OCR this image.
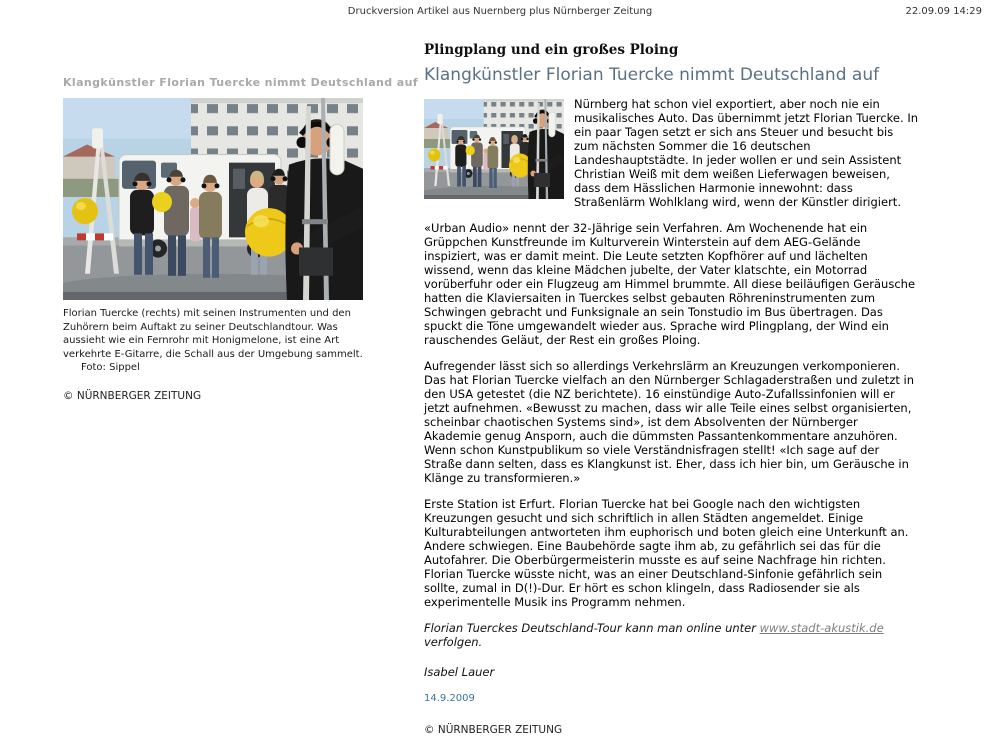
Druckversion Artikel aus Nuernberg plus Nürnberger Zeitung	22.09.09 14:29
Klangkünstler Florian Tuercke nimmt Deutschland auf
Florian Tuercke (rechts) mit seinen Instrumenten und den Zuhörern beim Auftakt zu seiner Deutschlandtour. Was aussieht wie ein Fernrohr mit Honigmelone, ist eine Art verkehrte E-Gitarre, die Schall aus der Umgebung sammelt.Foto: Sippel
© NÜRNBERGER ZEITUNG
Plingplang und ein großes Ploing
Klangkünstler Florian Tuercke nimmt Deutschland auf

Nürnberg hat schon viel exportiert, aber noch nie ein musikalisches Auto. Das übernimmt jetzt Florian Tuercke. In ein paar Tagen setzt er sich ans Steuer und besucht bis zum nächsten Sommer die 16 deutschen Landeshauptstädte. In jeder wollen er und sein Assistent Christian Weiß mit dem weißen Lieferwagen beweisen, dass dem Hässlichen Harmonie innewohnt: dass Straßenlärm Wohlklang wird, wenn der Künstler dirigiert.

«Urban Audio» nennt der 32-Jährige sein Verfahren. Am Wochenende hat ein Grüppchen Kunstfreunde im Kulturverein Winterstein auf dem AEG-Gelände inspiziert, was er damit meint. Die Leute setzten Kopfhörer auf und lächelten wissend, wenn das kleine Mädchen jubelte, der Vater klatschte, ein Motorrad vorüberfuhr oder ein Flugzeug am Himmel brummte. All diese beiläufigen Geräusche hatten die Klaviersaiten in Tuerckes selbst gebauten Röhreninstrumenten zum Schwingen gebracht und Funksignale an sein Tonstudio im Bus übertragen. Das spuckt die Töne umgewandelt wieder aus. Sprache wird Plingplang, der Wind ein rauschendes Geläut, der Rest ein großes Ploing.

Aufregender lässt sich so allerdings Verkehrslärm an Kreuzungen verkomponieren. Das hat Florian Tuercke vielfach an den Nürnberger Schlagaderstraßen und zuletzt in den USA getestet (die NZ berichtete). 16 einstündige Auto-Zufallssinfonien will er jetzt aufnehmen. «Bewusst zu machen, dass wir alle Teile eines selbst organisierten, scheinbar chaotischen Systems sind», ist dem Absolventen der Nürnberger Akademie genug Ansporn, auch die dümmsten Passantenkommentare anzuhören. Wenn schon Kunstpublikum so viele Verständnisfragen stellt! «Ich sage auf der Straße dann selten, dass es Klangkunst ist. Eher, dass ich hier bin, um Geräusche in Klänge zu transformieren.»

Erste Station ist Erfurt. Florian Tuercke hat bei Google nach den wichtigsten Kreuzungen gesucht und sich schriftlich in allen Städten angemeldet. Einige Kulturabteilungen antworteten ihm euphorisch und boten gleich eine Unterkunft an. Andere schwiegen. Eine Baubehörde sagte ihm ab, zu gefährlich sei das für die Autofahrer. Die Oberbürgermeisterin musste es auf seine Nachfrage hin richten. Florian Tuercke wüsste nicht, was an einer Deutschland-Sinfonie gefährlich sein sollte, zumal in D(!)-Dur. Er hört es schon klingeln, dass Radiosender sie als experimentelle Musik ins Programm nehmen.

Florian Tuerckes Deutschland-Tour kann man online unter www.stadt-akustik.de verfolgen.
Isabel Lauer
14.9.2009
© NÜRNBERGER ZEITUNG
